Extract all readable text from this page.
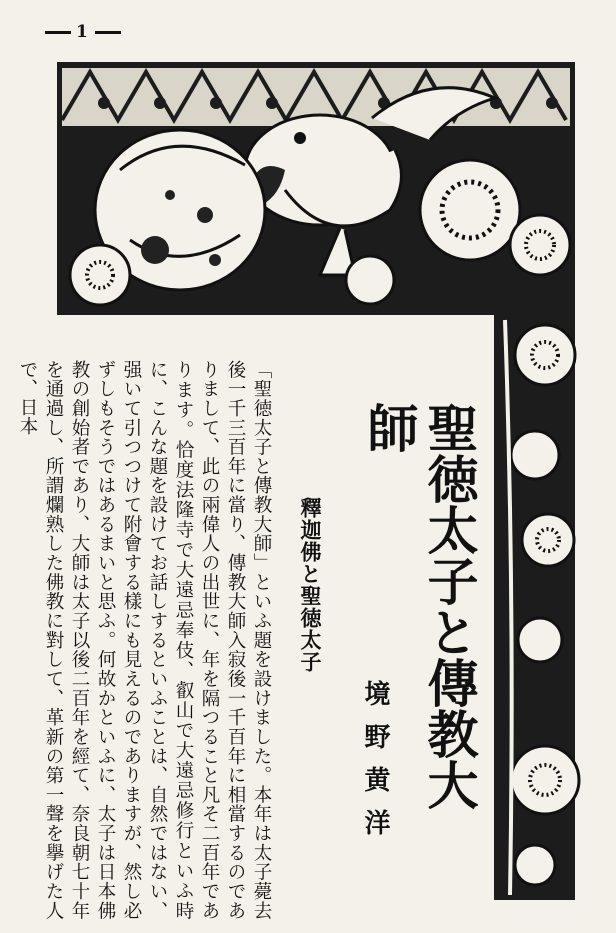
1
聖徳太子と傳教大師
境野黄洋
釋迦佛と聖徳太子

「聖徳太子と傳教大師」といふ題を設けました。本年は太子薨去後一千三百年に當り、傳教大師入寂後一千百年に相當するのでありまして、此の兩偉人の出世に、年を隔つること凡そ二百年であります。恰度法隆寺で大遠忌奉伎、叡山で大遠忌修行といふ時に、こんな題を設けてお話しするといふことは、自然ではない、强いて引つつけて附會する樣にも見えるのでありますが、然し必ずしもそうではあるまいと思ふ。何故かといふに、太子は日本佛教の創始者であり、大師は太子以後二百年を經て、奈良朝七十年を通過し、所謂爛熟した佛教に對して、革新の第一聲を擧げた人で、日本
